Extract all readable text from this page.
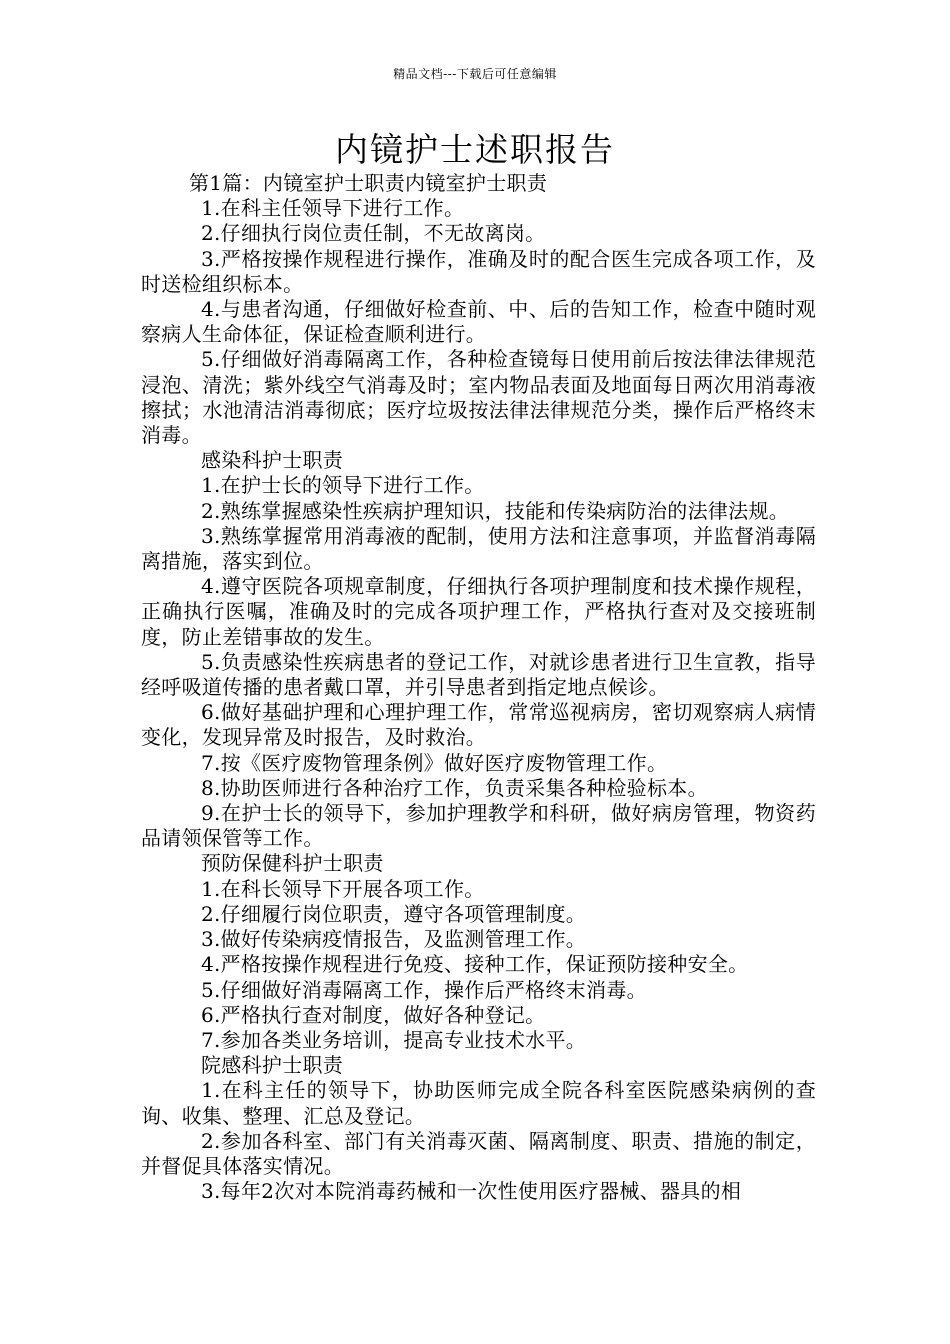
精品文档---下载后可任意编辑
内镜护士述职报告

第1篇：内镜室护士职责内镜室护士职责

1.在科主任领导下进行工作。

2.仔细执行岗位责任制，不无故离岗。

3.严格按操作规程进行操作，准确及时的配合医生完成各项工作，及时送检组织标本。

4.与患者沟通，仔细做好检查前、中、后的告知工作，检查中随时观察病人生命体征，保证检查顺利进行。

5.仔细做好消毒隔离工作，各种检查镜每日使用前后按法律法律规范浸泡、清洗；紫外线空气消毒及时；室内物品表面及地面每日两次用消毒液擦拭；水池清洁消毒彻底；医疗垃圾按法律法律规范分类，操作后严格终末消毒。

感染科护士职责

1.在护士长的领导下进行工作。

2.熟练掌握感染性疾病护理知识，技能和传染病防治的法律法规。

3.熟练掌握常用消毒液的配制，使用方法和注意事项，并监督消毒隔离措施，落实到位。

4.遵守医院各项规章制度，仔细执行各项护理制度和技术操作规程，正确执行医嘱，准确及时的完成各项护理工作，严格执行查对及交接班制度，防止差错事故的发生。

5.负责感染性疾病患者的登记工作，对就诊患者进行卫生宣教，指导经呼吸道传播的患者戴口罩，并引导患者到指定地点候诊。

6.做好基础护理和心理护理工作，常常巡视病房，密切观察病人病情变化，发现异常及时报告，及时救治。

7.按《医疗废物管理条例》做好医疗废物管理工作。

8.协助医师进行各种治疗工作，负责采集各种检验标本。

9.在护士长的领导下，参加护理教学和科研，做好病房管理，物资药品请领保管等工作。

预防保健科护士职责

1.在科长领导下开展各项工作。

2.仔细履行岗位职责，遵守各项管理制度。

3.做好传染病疫情报告，及监测管理工作。

4.严格按操作规程进行免疫、接种工作，保证预防接种安全。

5.仔细做好消毒隔离工作，操作后严格终末消毒。

6.严格执行查对制度，做好各种登记。

7.参加各类业务培训，提高专业技术水平。

院感科护士职责

1.在科主任的领导下，协助医师完成全院各科室医院感染病例的查询、收集、整理、汇总及登记。

2.参加各科室、部门有关消毒灭菌、隔离制度、职责、措施的制定，并督促具体落实情况。

3.每年2次对本院消毒药械和一次性使用医疗器械、器具的相
